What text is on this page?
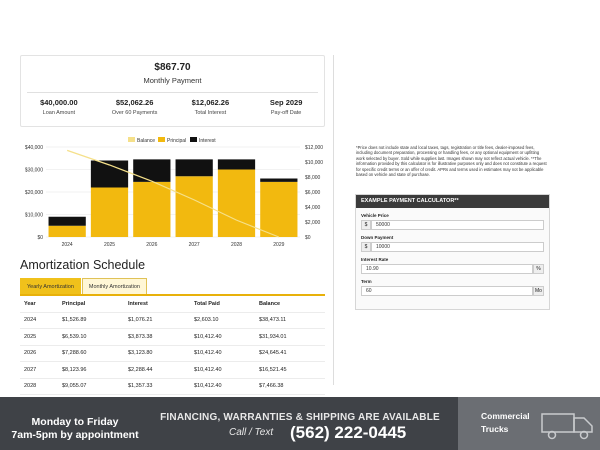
$867.70
Monthly Payment
$40,000.00
Loan Amount
$52,062.26
Over 60 Payments
$12,062.26
Total Interest
Sep 2029
Pay-off Date
$40,000
$30,000
$20,000
$10,000
$0
$12,000
$10,000
$8,000
$6,000
$4,000
$2,000
$0
2024	2025	2026	2027	2028	2029
Balance Principal	Interest
Amortization Schedule
Yearly Amortization	Monthly Amortization
Year	Principal	Interest	Total Paid	Balance
2024	$1,526.89	$1,076.21	$2,603.10	$38,473.11
2025	$6,539.10	$3,873.38	$10,412.40	$31,934.01
2026	$7,288.60	$3,123.80	$10,412.40	$24,645.41
2027	$8,123.96	$2,288.44	$10,412.40	$16,521.45
2028	$9,055.07	$1,357.33	$10,412.40	$7,466.38
*Price does not include state and local taxes, tags, registration or title fees, dealer-imposed fees, including document preparation, processing or handling fees, or any optional equipment or upfitting work selected by buyer. Sold while supplies last. Images shown may not reflect actual vehicle. **The information provided by this calculator is for illustrative purposes only and does not constitute a request for specific credit terms or an offer of credit. APRs and terms used in estimates may not be applicable based on vehicle and state of purchase.
EXAMPLE PAYMENT CALCULATOR**
Vehicle Price
$	50000
Down Payment
$	10000
Interest Rate
10.90	%
Term
60	Mo
Monday to Friday
7am-5pm by appointment
FINANCING, WARRANTIES & SHIPPING ARE AVAILABLE
Call / Text (562) 222-0445
Commercial
Trucks
